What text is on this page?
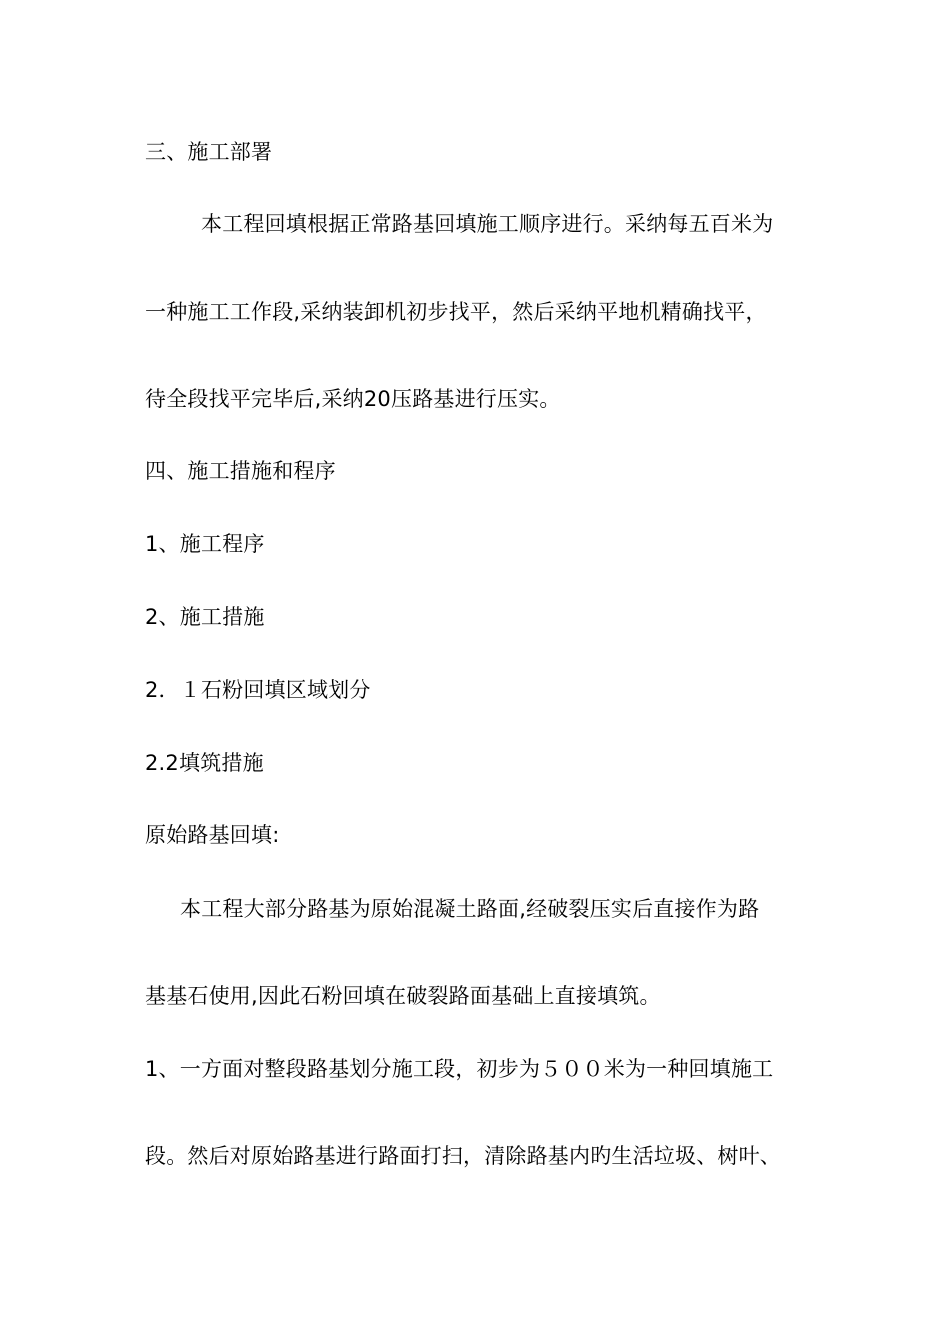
三、施工部署
本工程回填根据正常路基回填施工顺序进行。采纳每五百米为
一种施工工作段,采纳装卸机初步找平，然后采纳平地机精确找平，
待全段找平完毕后,采纳20压路基进行压实。
四、施工措施和程序
1、施工程序
2、施工措施
2．１石粉回填区域划分
2.2填筑措施
原始路基回填:
本工程大部分路基为原始混凝土路面,经破裂压实后直接作为路
基基石使用,因此石粉回填在破裂路面基础上直接填筑。
1、一方面对整段路基划分施工段，初步为５００米为一种回填施工
段。然后对原始路基进行路面打扫，清除路基内旳生活垃圾、树叶、
